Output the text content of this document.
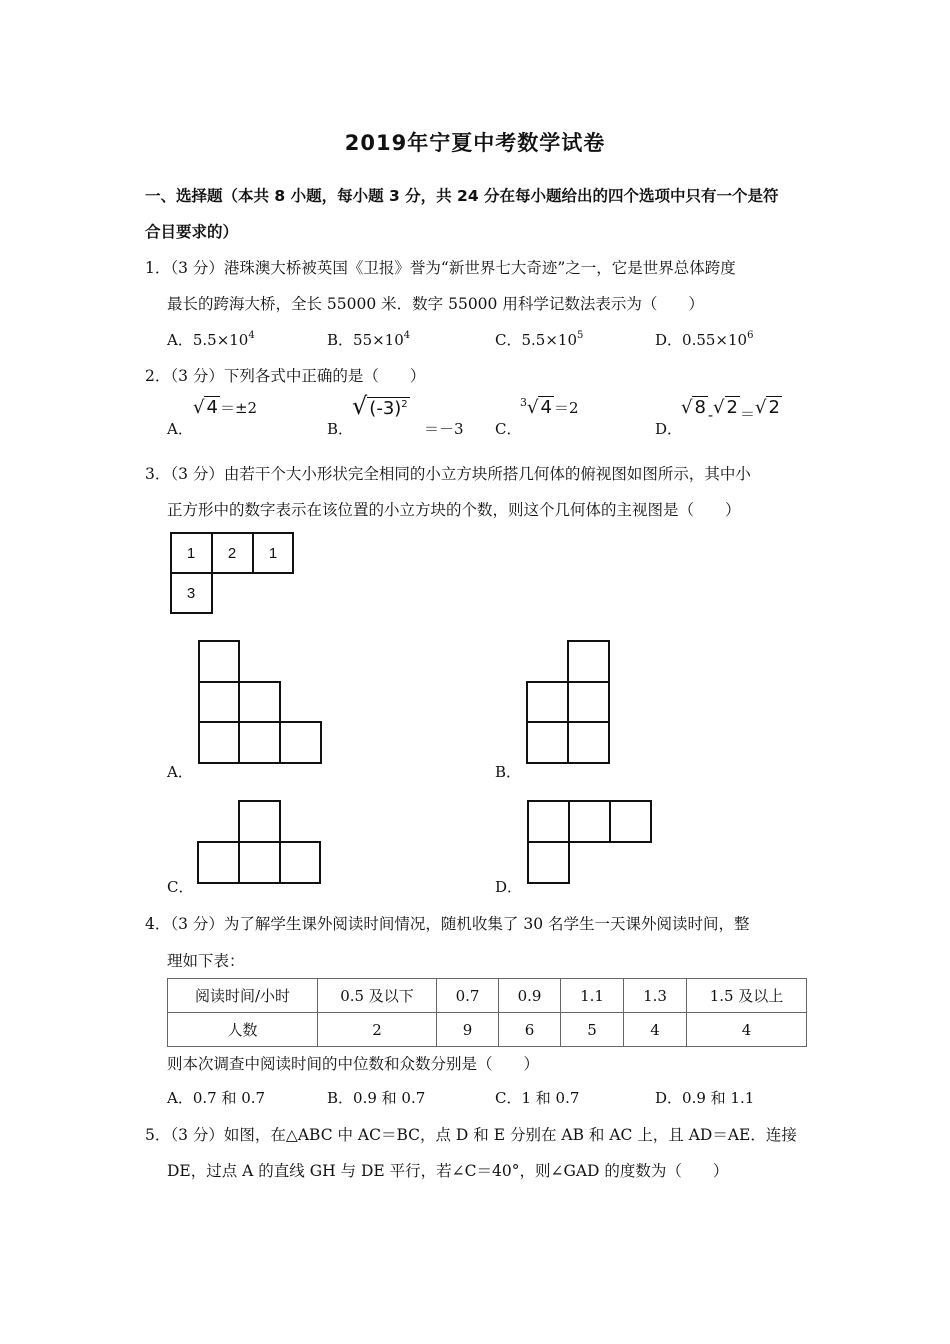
2019年宁夏中考数学试卷
一、选择题（本共 8 小题，每小题 3 分，共 24 分在每小题给出的四个选项中只有一个是符
合目要求的）
1．（3 分）港珠澳大桥被英国《卫报》誉为“新世界七大奇迹”之一，它是世界总体跨度
最长的跨海大桥，全长 55000 米．数字 55000 用科学记数法表示为（　　）
A．$5.5\times 10^4$	B．$55\times 10^4$	C．$5.5\times 10^5$	D．$0.55\times 10^6$
2．（3 分）下列各式中正确的是（　　）
A．
√ 4 ＝±2
B．
√ $(-3)^2$
＝－3 C．
$^3$√ 4 ＝2
D．
√ 8 -√ 2 ＝√ 2
3．（3 分）由若干个大小形状完全相同的小立方块所搭几何体的俯视图如图所示，其中小
正方形中的数字表示在该位置的小立方块的个数，则这个几何体的主视图是（　　）
1 2 1
3
A．	B．
C．	D．
4．（3 分）为了解学生课外阅读时间情况，随机收集了 30 名学生一天课外阅读时间，整
理如下表：
阅读时间/小时	0.5 及以下	0.7	0.9	1.1	1.3	1.5 及以上
人数	2	9	6	5	4	4
则本次调查中阅读时间的中位数和众数分别是（　　）
A．0.7 和 0.7	B．0.9 和 0.7	C．1 和 0.7	D．0.9 和 1.1
5．（3 分）如图，在△ABC 中 AC＝BC，点 D 和 E 分别在 AB 和 AC 上，且 AD＝AE．连接
DE，过点 A 的直线 GH 与 DE 平行，若∠C＝40°，则∠GAD 的度数为（　　）
